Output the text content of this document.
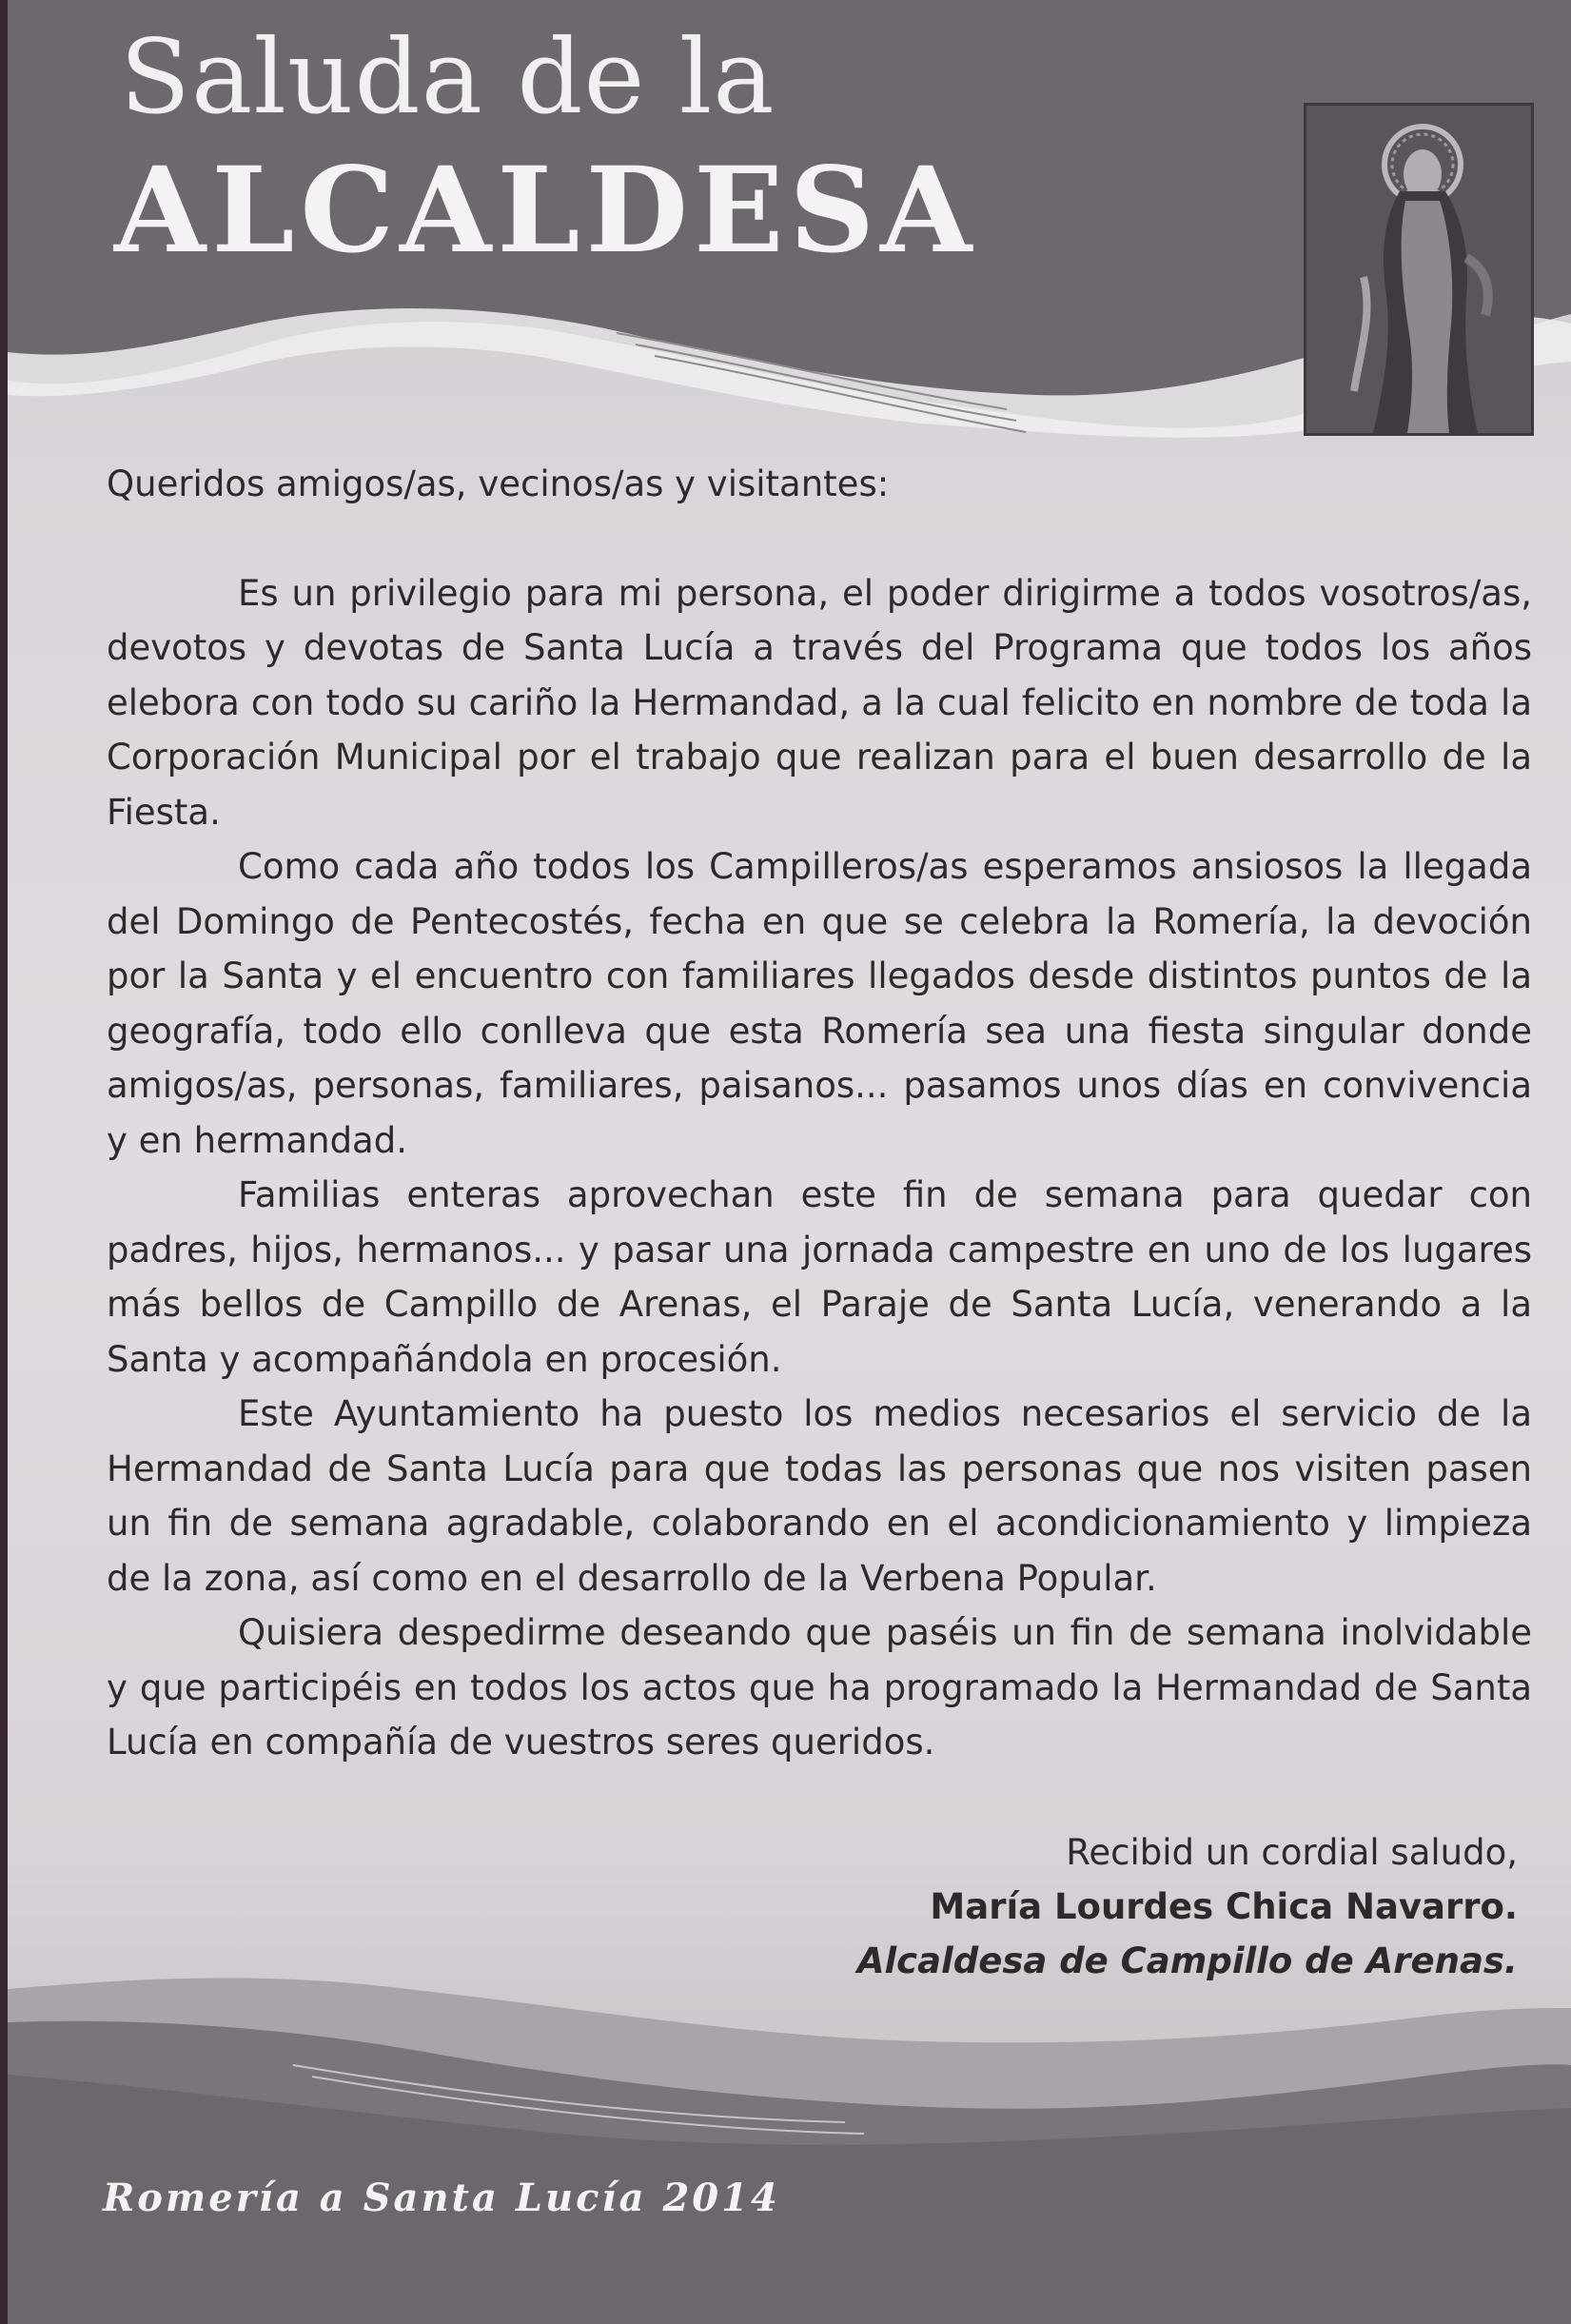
Saluda de la
ALCALDESA

Queridos amigos/as, vecinos/as y visitantes:

Es un privilegio para mi persona, el poder dirigirme a todos vosotros/as, devotos y devotas de Santa Lucía a través del Programa que todos los años elebora con todo su cariño la Hermandad, a la cual felicito en nombre de toda la Corporación Municipal por el trabajo que realizan para el buen desarrollo de la Fiesta.

Como cada año todos los Campilleros/as esperamos ansiosos la llegada del Domingo de Pentecostés, fecha en que se celebra la Romería, la devoción por la Santa y el encuentro con familiares llegados desde distintos puntos de la geografía, todo ello conlleva que esta Romería sea una fiesta singular donde amigos/as, personas, familiares, paisanos... pasamos unos días en convivencia y en hermandad.

Familias enteras aprovechan este fin de semana para quedar con padres, hijos, hermanos... y pasar una jornada campestre en uno de los lugares más bellos de Campillo de Arenas, el Paraje de Santa Lucía, venerando a la Santa y acompañándola en procesión.

Este Ayuntamiento ha puesto los medios necesarios el servicio de la Hermandad de Santa Lucía para que todas las personas que nos visiten pasen un fin de semana agradable, colaborando en el acondicionamiento y limpieza de la zona, así como en el desarrollo de la Verbena Popular.

Quisiera despedirme deseando que paséis un fin de semana inolvidable y que participéis en todos los actos que ha programado la Hermandad de Santa Lucía en compañía de vuestros seres queridos.

Recibid un cordial saludo,
María Lourdes Chica Navarro.
Alcaldesa de Campillo de Arenas.
Romería a Santa Lucía 2014
